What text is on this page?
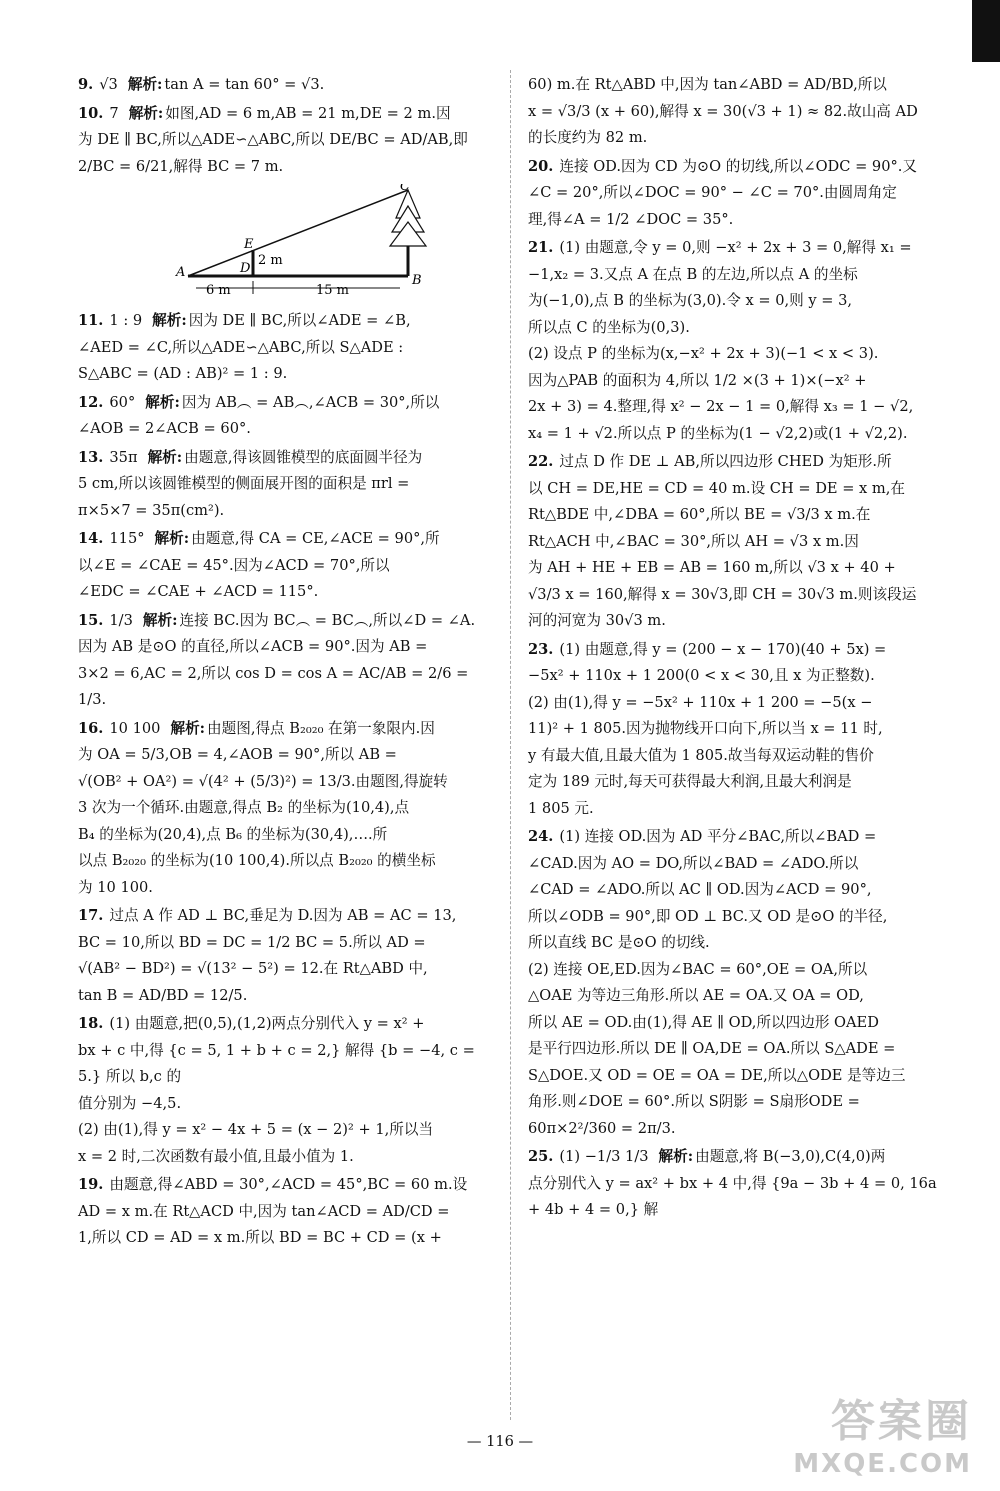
9. √3 解析: tan A = tan 60° = √3.
10. 7 解析: 如图,AD = 6 m,AB = 21 m,DE = 2 m.因
为 DE ∥ BC,所以△ADE∽△ABC,所以 DE/BC = AD/AB,即
2/BC = 6/21,解得 BC = 7 m.
A	D
E
B
C
2 m
6 m	15 m
11. 1 : 9 解析: 因为 DE ∥ BC,所以∠ADE = ∠B,
∠AED = ∠C,所以△ADE∽△ABC,所以 S△ADE :
S△ABC = (AD : AB)² = 1 : 9.
12. 60° 解析: 因为 AB︵ = AB︵,∠ACB = 30°,所以
∠AOB = 2∠ACB = 60°.
13. 35π 解析: 由题意,得该圆锥模型的底面圆半径为
5 cm,所以该圆锥模型的侧面展开图的面积是 πrl =
π×5×7 = 35π(cm²).
14. 115° 解析: 由题意,得 CA = CE,∠ACE = 90°,所
以∠E = ∠CAE = 45°.因为∠ACD = 70°,所以
∠EDC = ∠CAE + ∠ACD = 115°.
15. 1/3 解析: 连接 BC.因为 BC︵ = BC︵,所以∠D = ∠A.
因为 AB 是⊙O 的直径,所以∠ACB = 90°.因为 AB =
3×2 = 6,AC = 2,所以 cos D = cos A = AC/AB = 2/6 = 1/3.
16. 10 100 解析: 由题图,得点 B₂₀₂₀ 在第一象限内.因
为 OA = 5/3,OB = 4,∠AOB = 90°,所以 AB =
√(OB² + OA²) = √(4² + (5/3)²) = 13/3.由题图,得旋转
3 次为一个循环.由题意,得点 B₂ 的坐标为(10,4),点
B₄ 的坐标为(20,4),点 B₆ 的坐标为(30,4),….所
以点 B₂₀₂₀ 的坐标为(10 100,4).所以点 B₂₀₂₀ 的横坐标
为 10 100.
17. 过点 A 作 AD ⊥ BC,垂足为 D.因为 AB = AC = 13,
BC = 10,所以 BD = DC = 1/2 BC = 5.所以 AD =
√(AB² − BD²) = √(13² − 5²) = 12.在 Rt△ABD 中,
tan B = AD/BD = 12/5.
18. (1) 由题意,把(0,5),(1,2)两点分别代入 y = x² +
bx + c 中,得 {c = 5, 1 + b + c = 2,} 解得 {b = −4, c = 5.} 所以 b,c 的
值分别为 −4,5.
(2) 由(1),得 y = x² − 4x + 5 = (x − 2)² + 1,所以当
x = 2 时,二次函数有最小值,且最小值为 1.
19. 由题意,得∠ABD = 30°,∠ACD = 45°,BC = 60 m.设
AD = x m.在 Rt△ACD 中,因为 tan∠ACD = AD/CD =
1,所以 CD = AD = x m.所以 BD = BC + CD = (x +
60) m.在 Rt△ABD 中,因为 tan∠ABD = AD/BD,所以
x = √3/3 (x + 60),解得 x = 30(√3 + 1) ≈ 82.故山高 AD
的长度约为 82 m.
20. 连接 OD.因为 CD 为⊙O 的切线,所以∠ODC = 90°.又
∠C = 20°,所以∠DOC = 90° − ∠C = 70°.由圆周角定
理,得∠A = 1/2 ∠DOC = 35°.
21. (1) 由题意,令 y = 0,则 −x² + 2x + 3 = 0,解得 x₁ =
−1,x₂ = 3.又点 A 在点 B 的左边,所以点 A 的坐标
为(−1,0),点 B 的坐标为(3,0).令 x = 0,则 y = 3,
所以点 C 的坐标为(0,3).
(2) 设点 P 的坐标为(x,−x² + 2x + 3)(−1 < x < 3).
因为△PAB 的面积为 4,所以 1/2 ×(3 + 1)×(−x² +
2x + 3) = 4.整理,得 x² − 2x − 1 = 0,解得 x₃ = 1 − √2,
x₄ = 1 + √2.所以点 P 的坐标为(1 − √2,2)或(1 + √2,2).
22. 过点 D 作 DE ⊥ AB,所以四边形 CHED 为矩形.所
以 CH = DE,HE = CD = 40 m.设 CH = DE = x m,在
Rt△BDE 中,∠DBA = 60°,所以 BE = √3/3 x m.在
Rt△ACH 中,∠BAC = 30°,所以 AH = √3 x m.因
为 AH + HE + EB = AB = 160 m,所以 √3 x + 40 +
√3/3 x = 160,解得 x = 30√3,即 CH = 30√3 m.则该段运
河的河宽为 30√3 m.
23. (1) 由题意,得 y = (200 − x − 170)(40 + 5x) =
−5x² + 110x + 1 200(0 < x < 30,且 x 为正整数).
(2) 由(1),得 y = −5x² + 110x + 1 200 = −5(x −
11)² + 1 805.因为抛物线开口向下,所以当 x = 11 时,
y 有最大值,且最大值为 1 805.故当每双运动鞋的售价
定为 189 元时,每天可获得最大利润,且最大利润是
1 805 元.
24. (1) 连接 OD.因为 AD 平分∠BAC,所以∠BAD =
∠CAD.因为 AO = DO,所以∠BAD = ∠ADO.所以
∠CAD = ∠ADO.所以 AC ∥ OD.因为∠ACD = 90°,
所以∠ODB = 90°,即 OD ⊥ BC.又 OD 是⊙O 的半径,
所以直线 BC 是⊙O 的切线.
(2) 连接 OE,ED.因为∠BAC = 60°,OE = OA,所以
△OAE 为等边三角形.所以 AE = OA.又 OA = OD,
所以 AE = OD.由(1),得 AE ∥ OD,所以四边形 OAED
是平行四边形.所以 DE ∥ OA,DE = OA.所以 S△ADE =
S△DOE.又 OD = OE = OA = DE,所以△ODE 是等边三
角形.则∠DOE = 60°.所以 S阴影 = S扇形ODE =
60π×2²/360 = 2π/3.
25. (1) −1/3 1/3 解析: 由题意,将 B(−3,0),C(4,0)两
点分别代入 y = ax² + bx + 4 中,得 {9a − 3b + 4 = 0, 16a + 4b + 4 = 0,} 解
— 116 —	答案圈
MXQE.COM
